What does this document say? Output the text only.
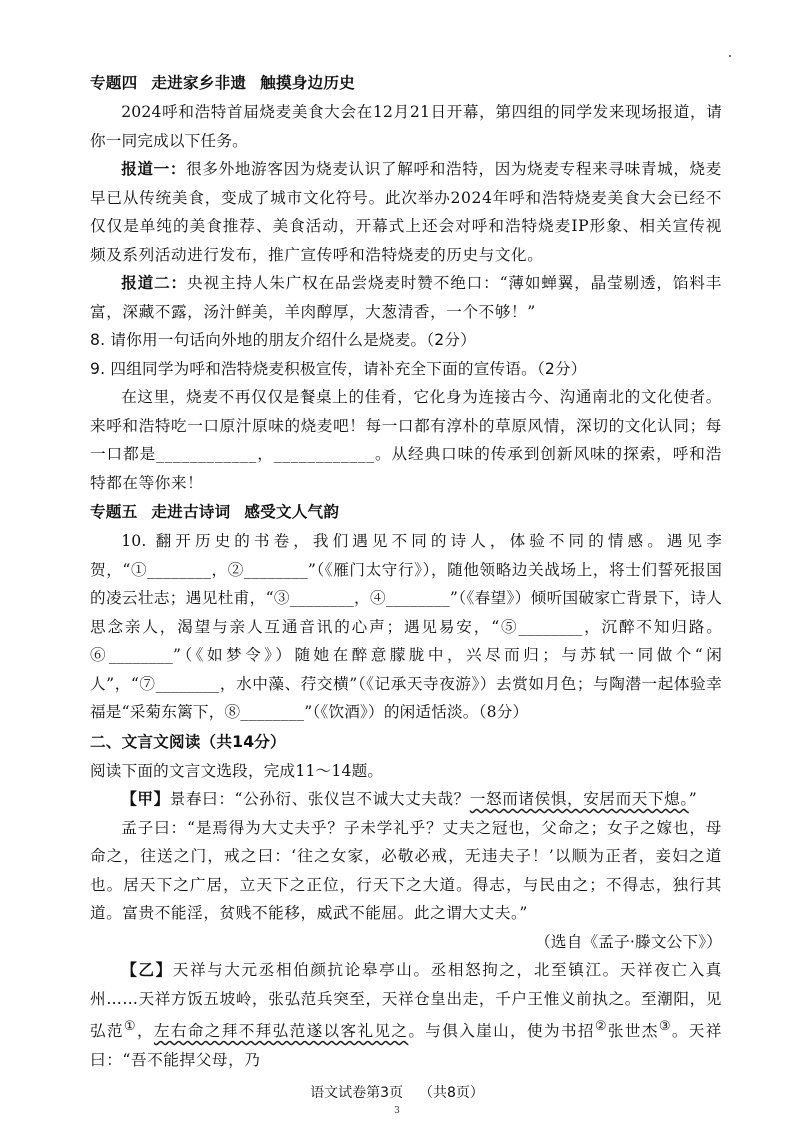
专题四 走进家乡非遗 触摸身边历史

2024呼和浩特首届烧麦美食大会在12月21日开幕，第四组的同学发来现场报道，请你一同完成以下任务。

报道一：很多外地游客因为烧麦认识了解呼和浩特，因为烧麦专程来寻味青城，烧麦早已从传统美食，变成了城市文化符号。此次举办2024年呼和浩特烧麦美食大会已经不仅仅是单纯的美食推荐、美食活动，开幕式上还会对呼和浩特烧麦IP形象、相关宣传视频及系列活动进行发布，推广宣传呼和浩特烧麦的历史与文化。

报道二：央视主持人朱广权在品尝烧麦时赞不绝口：“薄如蝉翼，晶莹剔透，馅料丰富，深藏不露，汤汁鲜美，羊肉醇厚，大葱清香，一个不够！”

8. 请你用一句话向外地的朋友介绍什么是烧麦。（2分）

9. 四组同学为呼和浩特烧麦积极宣传，请补充全下面的宣传语。（2分）

在这里，烧麦不再仅仅是餐桌上的佳肴，它化身为连接古今、沟通南北的文化使者。来呼和浩特吃一口原汁原味的烧麦吧！每一口都有淳朴的草原风情，深切的文化认同；每一口都是____________，____________。从经典口味的传承到创新风味的探索，呼和浩特都在等你来！

专题五 走进古诗词 感受文人气韵

10. 翻开历史的书卷，我们遇见不同的诗人，体验不同的情感。遇见李贺，“①________，②________”（《雁门太守行》），随他领略边关战场上，将士们誓死报国的凌云壮志；遇见杜甫，“③________，④________”（《春望》）倾听国破家亡背景下，诗人思念亲人，渴望与亲人互通音讯的心声；遇见易安，“⑤________，沉醉不知归路。⑥________”（《如梦令》）随她在醉意朦胧中，兴尽而归；与苏轼一同做个“闲人”，“⑦________，水中藻、荇交横”（《记承天寺夜游》）去赏如月色；与陶潜一起体验幸福是“采菊东篱下，⑧________”（《饮酒》）的闲适恬淡。（8分）

二、文言文阅读（共14分）

阅读下面的文言文选段，完成11～14题。

【甲】景春曰：“公孙衍、张仪岂不诚大丈夫哉？一怒而诸侯惧，安居而天下熄。”

孟子曰：“是焉得为大丈夫乎？子未学礼乎？丈夫之冠也，父命之；女子之嫁也，母命之，往送之门，戒之曰：‘往之女家，必敬必戒，无违夫子！’以顺为正者，妾妇之道也。居天下之广居，立天下之正位，行天下之大道。得志，与民由之；不得志，独行其道。富贵不能淫，贫贱不能移，威武不能屈。此之谓大丈夫。”

（选自《孟子·滕文公下》）

【乙】天祥与大元丞相伯颜抗论皋亭山。丞相怒拘之，北至镇江。天祥夜亡入真州……天祥方饭五坡岭，张弘范兵突至，天祥仓皇出走，千户王惟义前执之。至潮阳，见弘范①，左右命之拜不拜弘范遂以客礼见之。与俱入崖山，使为书招②张世杰③。天祥曰：“吾不能捍父母，乃

语文试卷第3页 （共8页）
3
